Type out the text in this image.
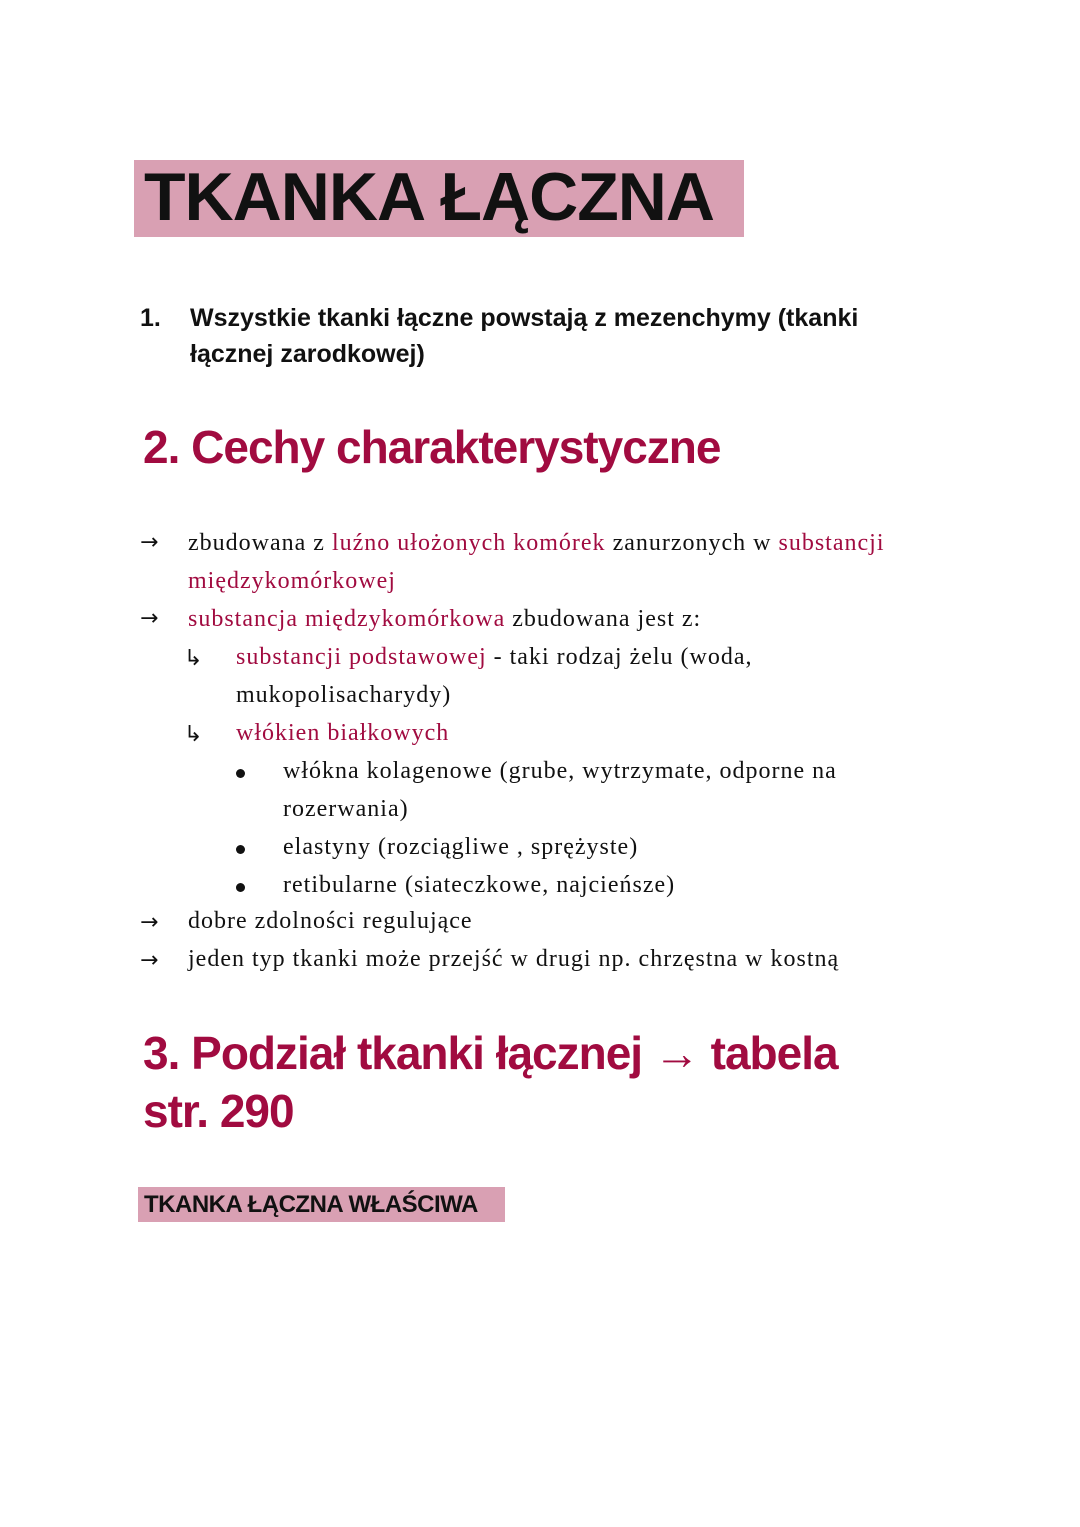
TKANKA ŁĄCZNA
1. Wszystkie tkanki łączne powstają z mezenchymy (tkanki
łącznej zarodkowej)
2. Cechy charakterystyczne
→ zbudowana z luźno ułożonych komórek zanurzonych w substancji
międzykomórkowej
→ substancja międzykomórkowa zbudowana jest z:
↳ substancji podstawowej - taki rodzaj żelu (woda,
mukopolisacharydy)
↳ włókien białkowych
włókna kolagenowe (grube, wytrzymate, odporne na
rozerwania)
elastyny (rozciągliwe , sprężyste)
retibularne (siateczkowe, najcieńsze)
→ dobre zdolności regulujące
→ jeden typ tkanki może przejść w drugi np. chrzęstna w kostną
3. Podział tkanki łącznej → tabela
str. 290
TKANKA ŁĄCZNA WŁAŚCIWA
